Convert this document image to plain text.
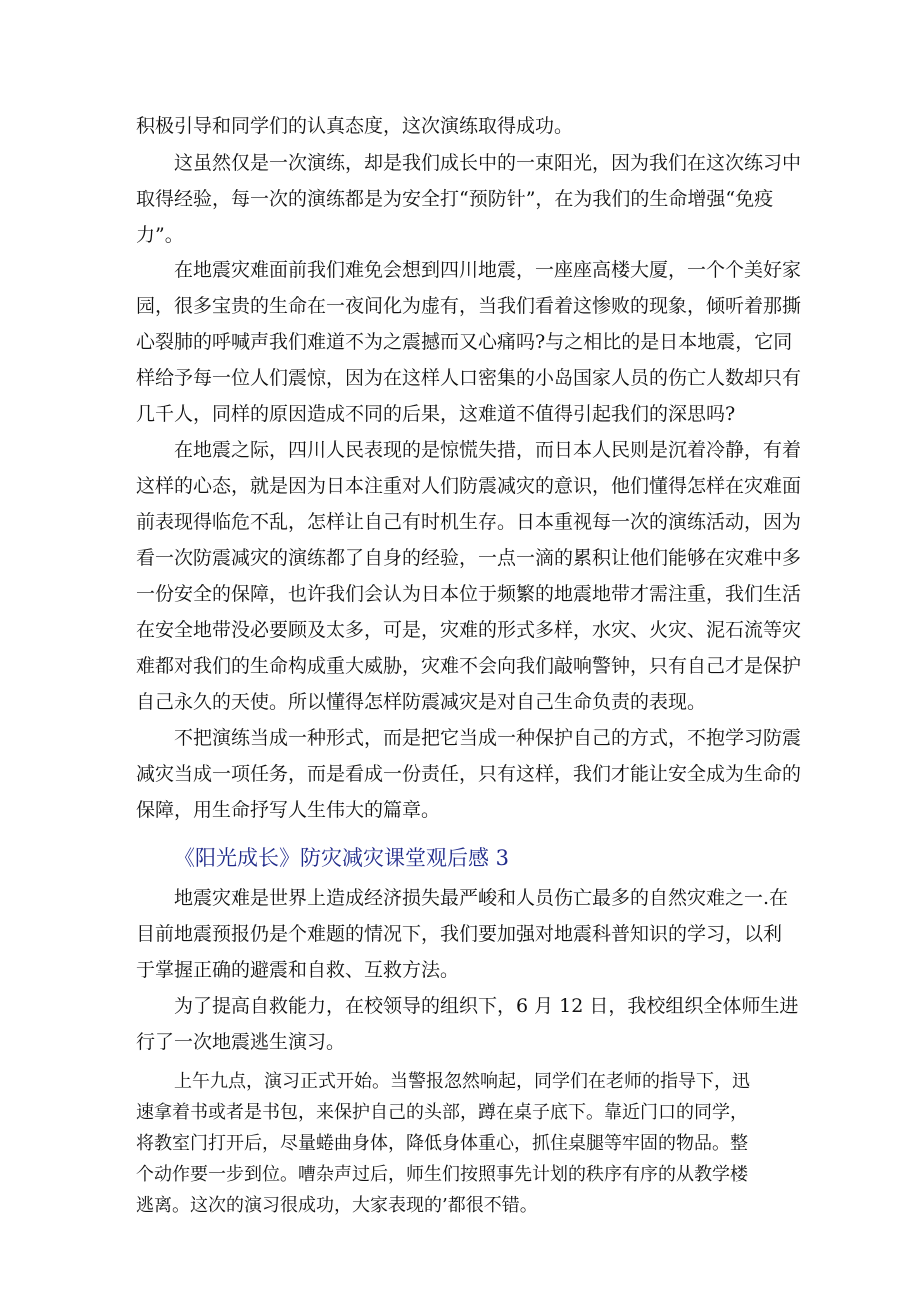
积极引导和同学们的认真态度，这次演练取得成功。

这虽然仅是一次演练，却是我们成长中的一束阳光，因为我们在这次练习中
取得经验，每一次的演练都是为安全打“预防针”，在为我们的生命增强“免疫
力”。

在地震灾难面前我们难免会想到四川地震，一座座高楼大厦，一个个美好家
园，很多宝贵的生命在一夜间化为虚有，当我们看着这惨败的现象，倾听着那撕
心裂肺的呼喊声我们难道不为之震撼而又心痛吗?与之相比的是日本地震，它同
样给予每一位人们震惊，因为在这样人口密集的小岛国家人员的伤亡人数却只有
几千人，同样的原因造成不同的后果，这难道不值得引起我们的深思吗?

在地震之际，四川人民表现的是惊慌失措，而日本人民则是沉着冷静，有着
这样的心态，就是因为日本注重对人们防震减灾的意识，他们懂得怎样在灾难面
前表现得临危不乱，怎样让自己有时机生存。日本重视每一次的演练活动，因为
看一次防震减灾的演练都了自身的经验，一点一滴的累积让他们能够在灾难中多
一份安全的保障，也许我们会认为日本位于频繁的地震地带才需注重，我们生活
在安全地带没必要顾及太多，可是，灾难的形式多样，水灾、火灾、泥石流等灾
难都对我们的生命构成重大威胁，灾难不会向我们敲响警钟，只有自己才是保护
自己永久的天使。所以懂得怎样防震减灾是对自己生命负责的表现。

不把演练当成一种形式，而是把它当成一种保护自己的方式，不抱学习防震
减灾当成一项任务，而是看成一份责任，只有这样，我们才能让安全成为生命的
保障，用生命抒写人生伟大的篇章。

《阳光成长》防灾减灾课堂观后感 3

地震灾难是世界上造成经济损失最严峻和人员伤亡最多的自然灾难之一.在
目前地震预报仍是个难题的情况下，我们要加强对地震科普知识的学习，以利
于掌握正确的避震和自救、互救方法。

为了提高自救能力，在校领导的组织下，6 月 12 日，我校组织全体师生进
行了一次地震逃生演习。

上午九点，演习正式开始。当警报忽然响起，同学们在老师的指导下，迅
速拿着书或者是书包，来保护自己的头部，蹲在桌子底下。靠近门口的同学，
将教室门打开后，尽量蜷曲身体，降低身体重心，抓住桌腿等牢固的物品。整
个动作要一步到位。嘈杂声过后，师生们按照事先计划的秩序有序的从教学楼
逃离。这次的演习很成功，大家表现的’都很不错。
